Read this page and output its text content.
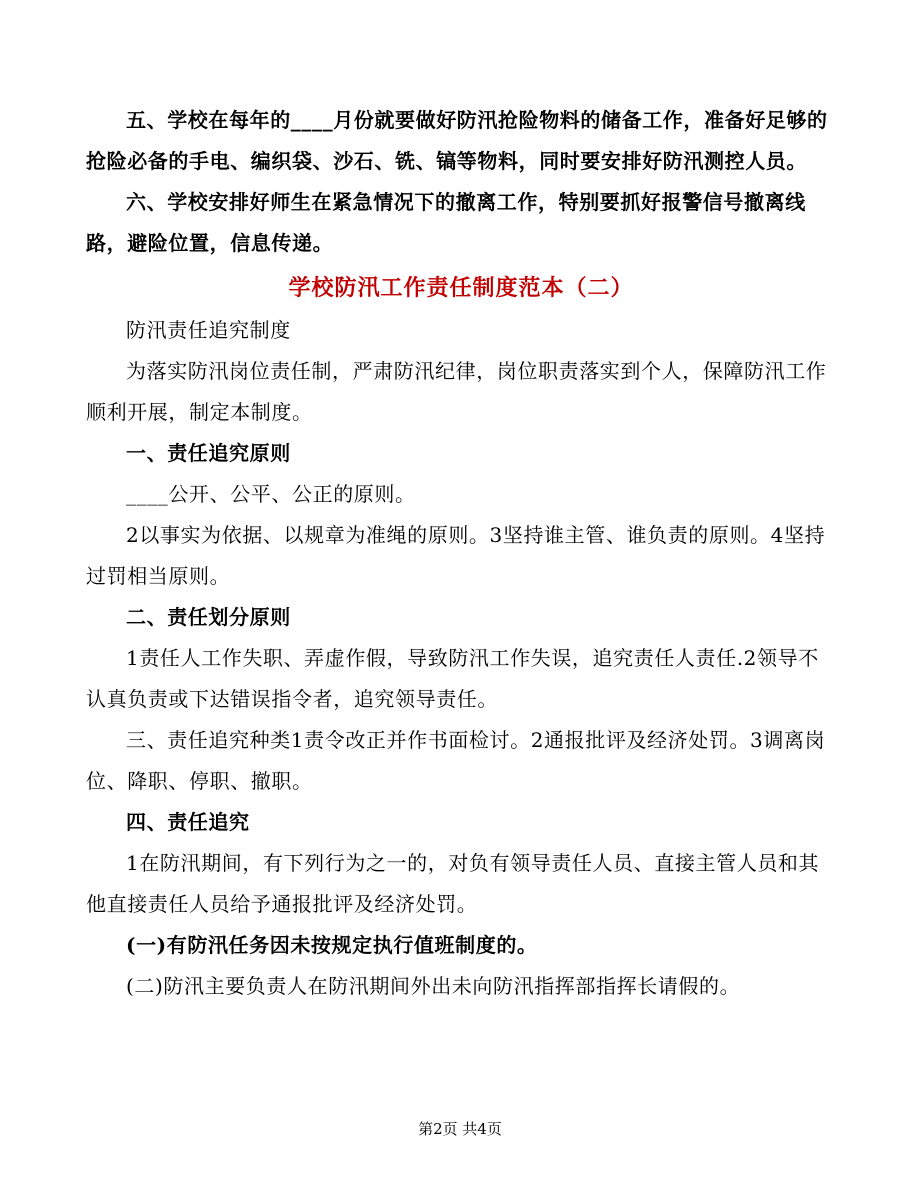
五、学校在每年的____月份就要做好防汛抢险物料的储备工作，准备好足够的抢险必备的手电、编织袋、沙石、铣、镐等物料，同时要安排好防汛测控人员。

六、学校安排好师生在紧急情况下的撤离工作，特别要抓好报警信号撤离线路，避险位置，信息传递。

学校防汛工作责任制度范本（二）

防汛责任追究制度

为落实防汛岗位责任制，严肃防汛纪律，岗位职责落实到个人，保障防汛工作顺利开展，制定本制度。

一、责任追究原则

____公开、公平、公正的原则。

2以事实为依据、以规章为准绳的原则。3坚持谁主管、谁负责的原则。4坚持过罚相当原则。

二、责任划分原则

1责任人工作失职、弄虚作假，导致防汛工作失误，追究责任人责任.2领导不认真负责或下达错误指令者，追究领导责任。

三、责任追究种类1责令改正并作书面检讨。2通报批评及经济处罚。3调离岗位、降职、停职、撤职。

四、责任追究

1在防汛期间，有下列行为之一的，对负有领导责任人员、直接主管人员和其他直接责任人员给予通报批评及经济处罚。

(一)有防汛任务因未按规定执行值班制度的。

(二)防汛主要负责人在防汛期间外出未向防汛指挥部指挥长请假的。

第2页 共4页
